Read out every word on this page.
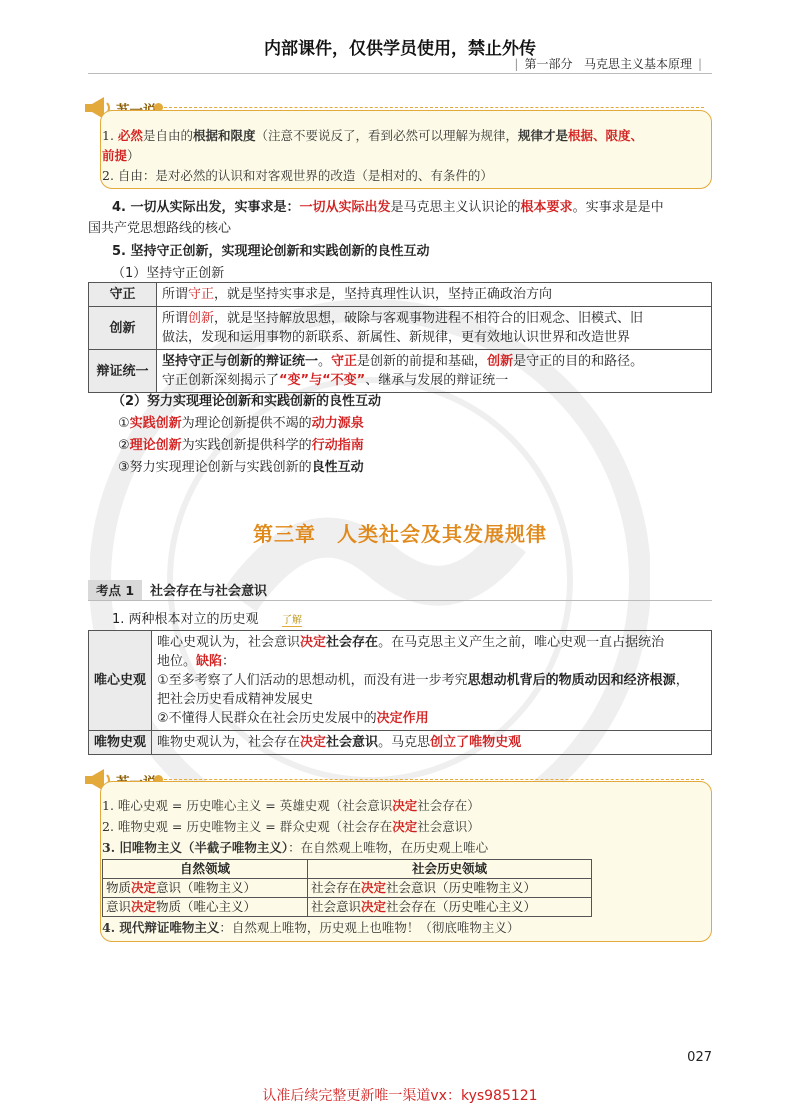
内部课件，仅供学员使用，禁止外传
| 第一部分 马克思主义基本原理 |
1. 必然是自由的根据和限度（注意不要说反了，看到必然可以理解为规律，规律才是根据、限度、
前提）
2. 自由：是对必然的认识和对客观世界的改造（是相对的、有条件的）
4. 一切从实际出发，实事求是：一切从实际出发是马克思主义认识论的根本要求。实事求是是中
国共产党思想路线的核心
5. 坚持守正创新，实现理论创新和实践创新的良性互动
（1）坚持守正创新
守正	所谓守正，就是坚持实事求是，坚持真理性认识，坚持正确政治方向
创新	所谓创新，就是坚持解放思想，破除与客观事物进程不相符合的旧观念、旧模式、旧
做法，发现和运用事物的新联系、新属性、新规律，更有效地认识世界和改造世界
辩证统一	坚持守正与创新的辩证统一。守正是创新的前提和基础，创新是守正的目的和路径。
守正创新深刻揭示了“变”与“不变”、继承与发展的辩证统一
（2）努力实现理论创新和实践创新的良性互动
①实践创新为理论创新提供不竭的动力源泉
②理论创新为实践创新提供科学的行动指南
③努力实现理论创新与实践创新的良性互动
第三章　人类社会及其发展规律
考点 1	社会存在与社会意识
1. 两种根本对立的历史观 了解
唯心史观	唯心史观认为，社会意识决定社会存在。在马克思主义产生之前，唯心史观一直占据统治
地位。缺陷：
①至多考察了人们活动的思想动机，而没有进一步考究思想动机背后的物质动因和经济根源，
把社会历史看成精神发展史
②不懂得人民群众在社会历史发展中的决定作用
唯物史观	唯物史观认为，社会存在决定社会意识。马克思创立了唯物史观
1. 唯心史观 = 历史唯心主义 = 英雄史观（社会意识决定社会存在）
2. 唯物史观 = 历史唯物主义 = 群众史观（社会存在决定社会意识）
3. 旧唯物主义（半截子唯物主义）：在自然观上唯物，在历史观上唯心
自然领域	社会历史领域
物质决定意识（唯物主义）	社会存在决定社会意识（历史唯物主义）
意识决定物质（唯心主义）	社会意识决定社会存在（历史唯心主义）
4. 现代辩证唯物主义：自然观上唯物，历史观上也唯物！（彻底唯物主义）
027
认准后续完整更新唯一渠道vx：kys985121
